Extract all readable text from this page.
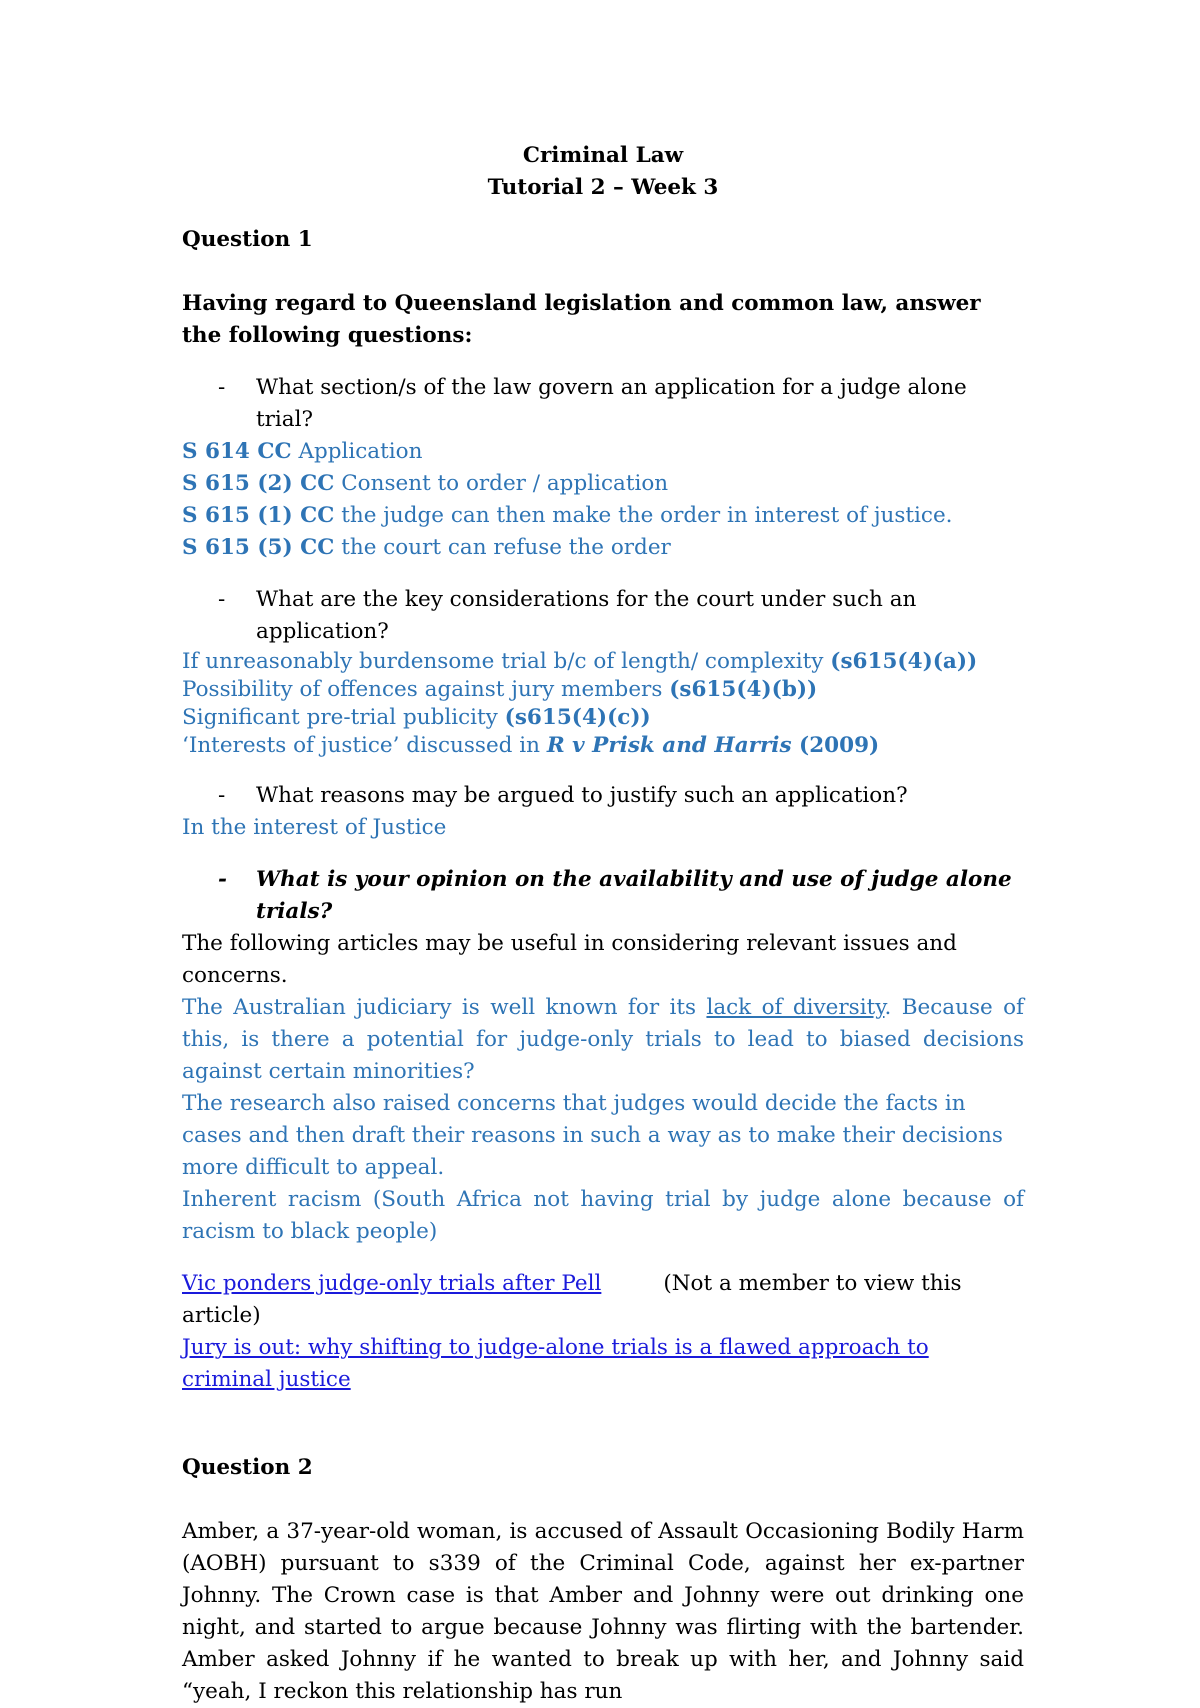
Criminal Law
Tutorial 2 – Week 3
Question 1
Having regard to Queensland legislation and common law, answer the following questions:
- What section/s of the law govern an application for a judge alone trial?
S 614 CC Application
S 615 (2) CC Consent to order / application
S 615 (1) CC the judge can then make the order in interest of justice.
S 615 (5) CC the court can refuse the order
- What are the key considerations for the court under such an application?
If unreasonably burdensome trial b/c of length/ complexity (s615(4)(a))
Possibility of offences against jury members (s615(4)(b))
Significant pre-trial publicity (s615(4)(c))
‘Interests of justice’ discussed in R v Prisk and Harris (2009)
- What reasons may be argued to justify such an application?
In the interest of Justice
- What is your opinion on the availability and use of judge alone trials?
The following articles may be useful in considering relevant issues and concerns.
The Australian judiciary is well known for its lack of diversity. Because of this, is there a potential for judge-only trials to lead to biased decisions against certain minorities?
The research also raised concerns that judges would decide the facts in cases and then draft their reasons in such a way as to make their decisions more difficult to appeal.
Inherent racism (South Africa not having trial by judge alone because of racism to black people)
Vic ponders judge-only trials after Pell	(Not a member to view this article)
Jury is out: why shifting to judge-alone trials is a flawed approach to criminal justice
Question 2
Amber, a 37-year-old woman, is accused of Assault Occasioning Bodily Harm (AOBH) pursuant to s339 of the Criminal Code, against her ex-partner Johnny. The Crown case is that Amber and Johnny were out drinking one night, and started to argue because Johnny was flirting with the bartender. Amber asked Johnny if he wanted to break up with her, and Johnny said “yeah, I reckon this relationship has run
